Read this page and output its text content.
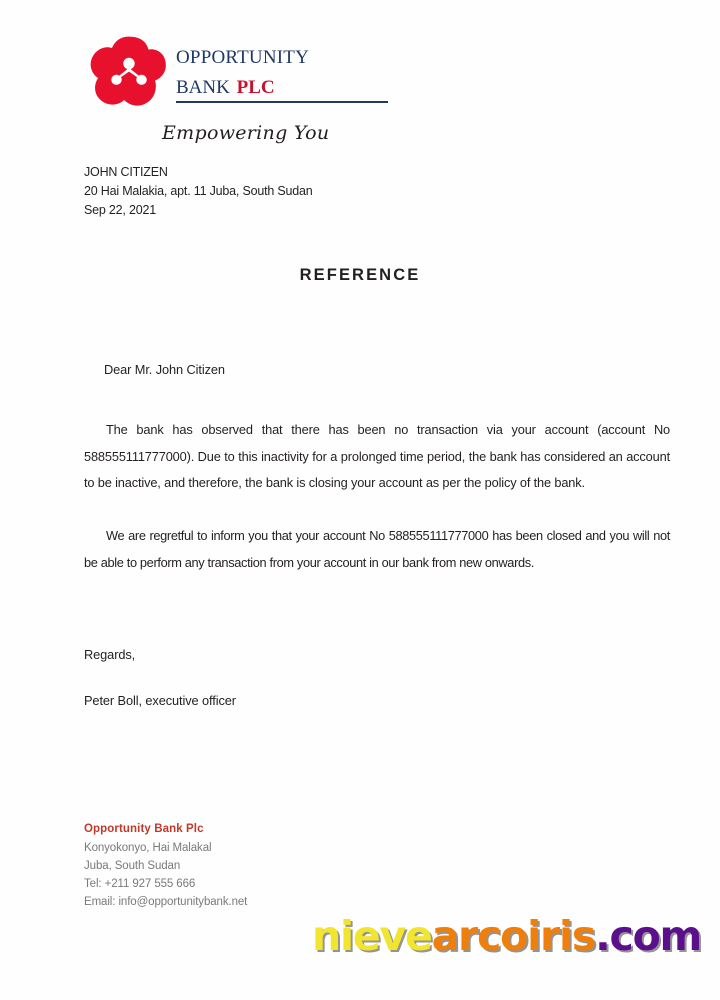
opportunity
bank plc
Empowering You
JOHN CITIZEN
20 Hai Malakia, apt. 11 Juba, South Sudan
Sep 22, 2021
REFERENCE

Dear Mr. John Citizen

The bank has observed that there has been no transaction via your account (account No 588555111777000). Due to this inactivity for a prolonged time period, the bank has considered an account to be inactive, and therefore, the bank is closing your account as per the policy of the bank.

We are regretful to inform you that your account No 588555111777000 has been closed and you will not be able to perform any transaction from your account in our bank from new onwards.

Regards,
Peter Boll, executive officer
Opportunity Bank Plc
Konyokonyo, Hai Malakal
Juba, South Sudan
Tel: +211 927 555 666
Email: info@opportunitybank.net
nievearcoiris.com
